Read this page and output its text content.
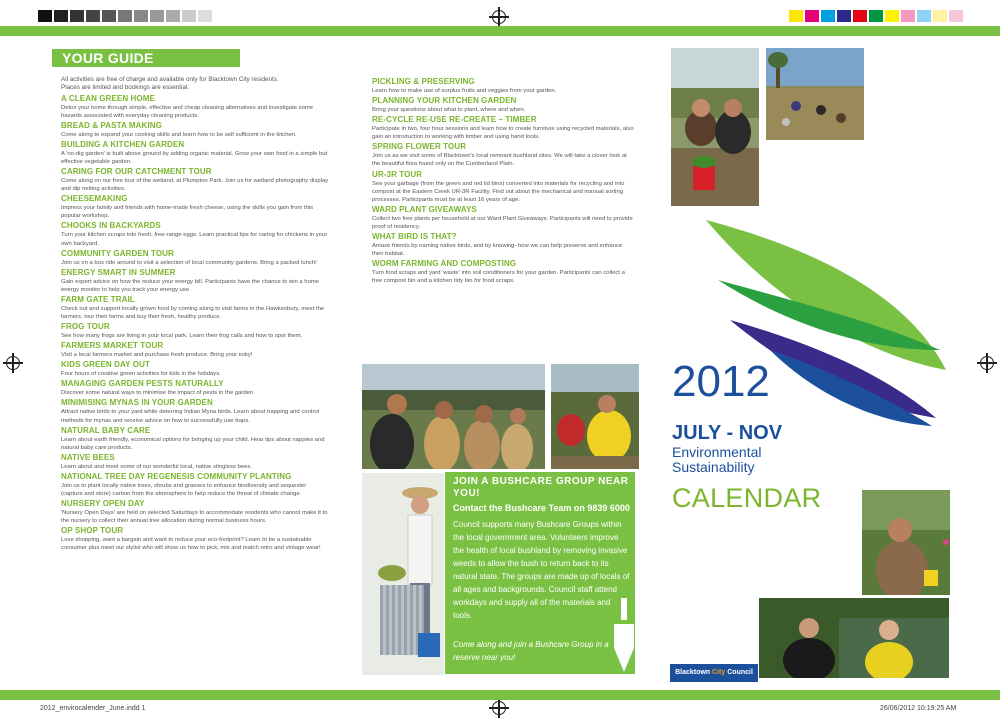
YOUR GUIDE
All activities are free of charge and available only for Blacktown City residents.
Places are limited and bookings are essential.
A CLEAN GREEN HOME

Detox your home through simple, effective and cheap cleaning alternatives and investigate some hazards associated with everyday cleaning products.

BREAD & PASTA MAKING

Come along to expand your cooking skills and learn how to be self sufficient in the kitchen.

BUILDING A KITCHEN GARDEN

A 'no-dig garden' is built above ground by adding organic material. Grow your own food in a simple but effective vegetable garden.

CARING FOR OUR CATCHMENT TOUR

Come along on our free tour of the wetland, at Plumpton Park. Join us for wetland photography display and dip netting activities.

CHEESEMAKING

Impress your family and friends with home-made fresh cheese, using the skills you gain from this popular workshop.

CHOOKS IN BACKYARDS

Turn your kitchen scraps into fresh, free-range eggs. Learn practical tips for caring for chickens in your own backyard.

COMMUNITY GARDEN TOUR

Join us on a bus ride around to visit a selection of local community gardens. Bring a packed lunch!

ENERGY SMART IN SUMMER

Gain expert advice on how the reduce your energy bill. Participants have the chance to win a home energy monitor to help you track your energy use.

FARM GATE TRAIL

Check out and support locally grown food by coming along to visit farms in the Hawkesbury, meet the farmers, tour their farms and buy their fresh, healthy produce.

FROG TOUR

See how many frogs are living in your local park. Learn their frog calls and how to spot them.

FARMERS MARKET TOUR

Visit a local farmers market and purchase fresh produce. Bring your esky!

KIDS GREEN DAY OUT

Four hours of creative green activities for kids in the holidays.

MANAGING GARDEN PESTS NATURALLY

Discover some natural ways to minimise the impact of pests in the garden

MINIMISING MYNAS IN YOUR GARDEN

Attract native birds to your yard while deterring Indian Myna birds. Learn about trapping and control methods for mynas and receive advice on how to successfully use traps.

NATURAL BABY CARE

Learn about earth friendly, economical options for bringing up your child. Hear tips about nappies and natural baby care products.

NATIVE BEES

Learn about and meet some of our wonderful local, native stingless bees.

NATIONAL TREE DAY REGENESIS COMMUNITY PLANTING

Join us to plant locally native trees, shrubs and grasses to enhance biodiversity and sequester (capture and store) carbon from the atmosphere to help reduce the threat of climate change.

NURSERY OPEN DAY

'Nursery Open Days' are held on selected Saturdays to accommodate residents who cannot make it to the nursery to collect their annual tree allocation during normal business hours.

OP SHOP TOUR

Love shopping, want a bargain and want to reduce your eco-footprint? Learn to be a sustainable consumer plus meet our stylist who will show us how to pick, mix and match retro and vintage wear!

PICKLING & PRESERVING

Learn how to make use of surplus fruits and veggies from your garden.

PLANNING YOUR KITCHEN GARDEN

Bring your questions about what to plant, where and when.

RE-CYCLE RE-USE RE-CREATE – TIMBER

Participate in two, four hour sessions and learn how to create furniture using recycled materials, also gain an introduction to working with timber and using hand tools.

SPRING FLOWER TOUR

Join us as we visit some of Blacktown's local remnant bushland sites. We will take a closer look at the beautiful flora found only on the Cumberland Plain.

UR-3R TOUR

See your garbage (from the green and red lid bins) converted into materials for recycling and into compost at the Eastern Creek UR-3R Facility. Find out about the mechanical and manual sorting processes. Participants must be at least 16 years of age.

WARD PLANT GIVEAWAYS

Collect two free plants per household at our Ward Plant Giveaways. Participants will need to provide proof of residency.

WHAT BIRD IS THAT?

Amaze friends by naming native birds, and by knowing- how we can help preserve and enhance their habitat.

WORM FARMING AND COMPOSTING

Turn food scraps and yard 'waste' into soil conditioners for your garden. Participants can collect a free compost bin and a kitchen tidy bin for food scraps.

JOIN A BUSHCARE GROUP NEAR YOU!
Contact the Bushcare Team on 9839 6000
Council supports many Bushcare Groups within the local government area. Volunteers improve the health of local bushland by removing invasive weeds to allow the bush to return back to its natural state. The groups are made up of locals of all ages and backgrounds. Council staff attend workdays and supply all of the materials and tools.
Come along and join a Bushcare Group in a reserve near you!
2012
JULY - NOV
Environmental
Sustainability
CALENDAR
Blacktown City Council
2012_envirocalender_June.indd 1	26/06/2012 10:19:25 AM
